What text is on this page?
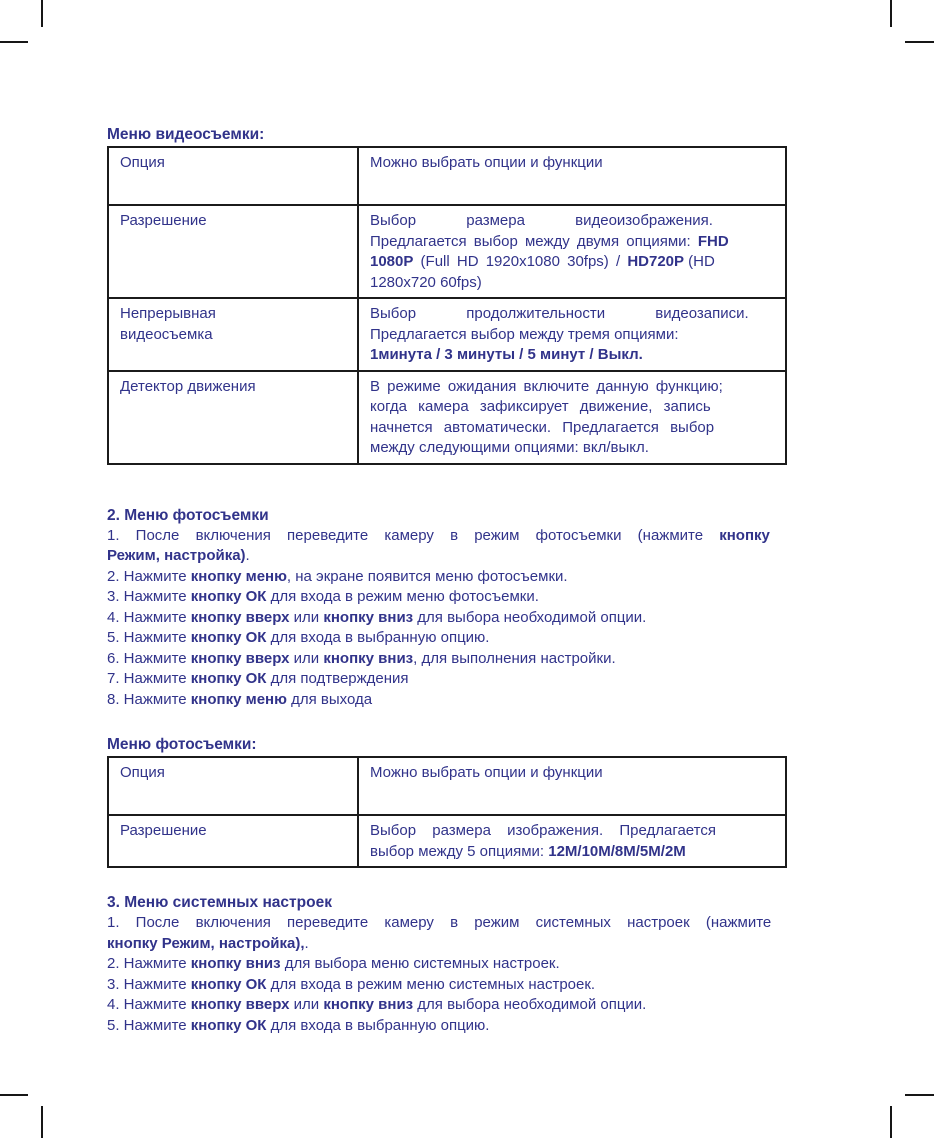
Меню видеосъемки:

Опция	Можно выбрать опции и функции
Разрешение	Выбор размера видеоизображения.
Предлагается выбор между двумя опциями: FHD 1080P (Full HD 1920x1080 30fps) / HD720P (HD 1280x720 60fps)
Непрерывная
видеосъемка	Выбор продолжительности видеозаписи.
Предлагается выбор между тремя опциями:
1минута / 3 минуты / 5 минут / Выкл.
Детектор движения	В режиме ожидания включите данную функцию;
когда камера зафиксирует движение, запись
начнется автоматически. Предлагается выбор
между следующими опциями: вкл/выкл.

2. Меню фотосъемки

1. После включения переведите камеру в режим фотосъемки (нажмите кнопку
Режим, настройка).

2. Нажмите кнопку меню, на экране появится меню фотосъемки.

3. Нажмите кнопку ОК для входа в режим меню фотосъемки.

4. Нажмите кнопку вверх или кнопку вниз для выбора необходимой опции.

5. Нажмите кнопку ОК для входа в выбранную опцию.

6. Нажмите кнопку вверх или кнопку вниз, для выполнения настройки.

7. Нажмите кнопку ОК для подтверждения

8. Нажмите кнопку меню для выхода

Меню фотосъемки:

Опция	Можно выбрать опции и функции
Разрешение	Выбор размера изображения. Предлагается
выбор между 5 опциями: 12M/10M/8M/5M/2M

3. Меню системных настроек

1. После включения переведите камеру в режим системных настроек (нажмите
кнопку Режим, настройка),.

2. Нажмите кнопку вниз для выбора меню системных настроек.

3. Нажмите кнопку ОК для входа в режим меню системных настроек.

4. Нажмите кнопку вверх или кнопку вниз для выбора необходимой опции.

5. Нажмите кнопку ОК для входа в выбранную опцию.
